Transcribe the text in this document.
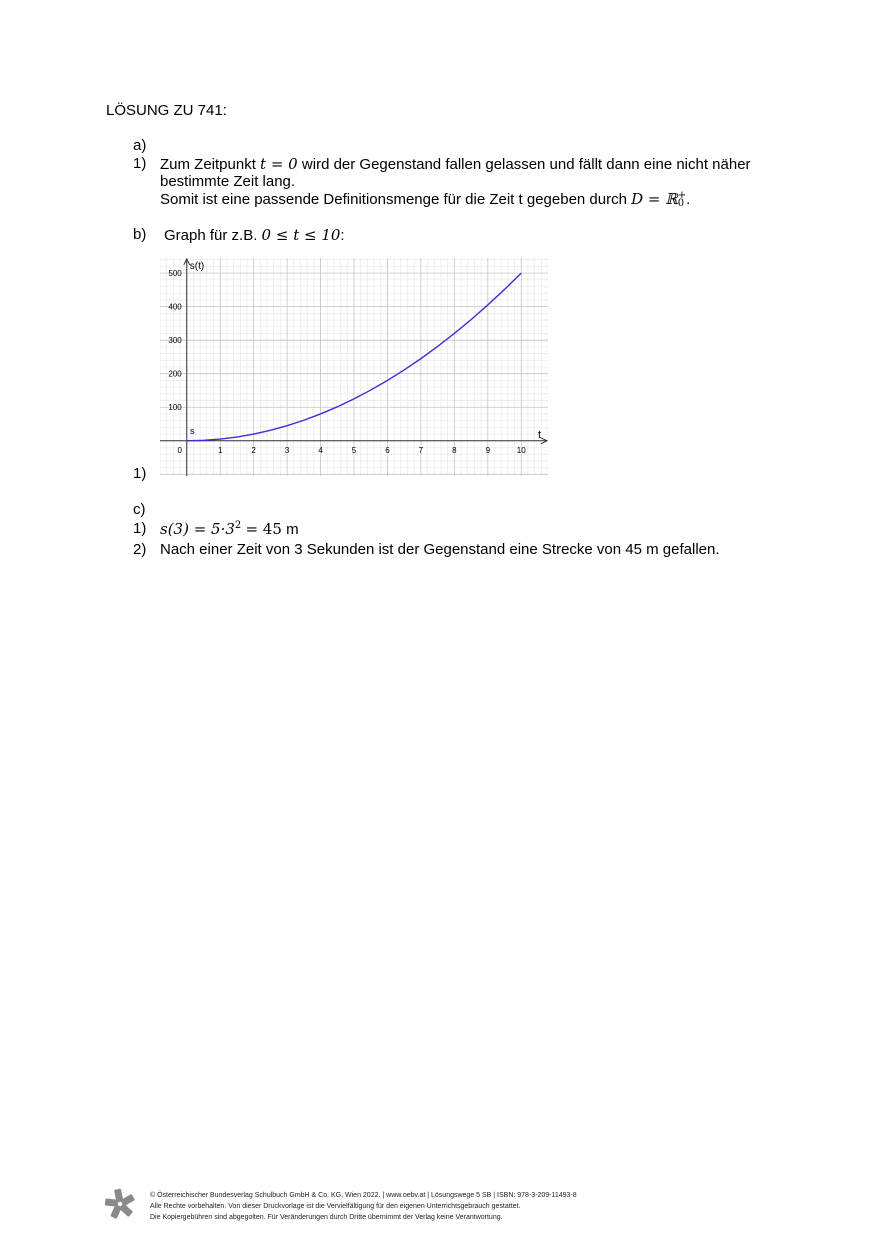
LÖSUNG ZU 741:
a)
1) Zum Zeitpunkt t = 0 wird der Gegenstand fallen gelassen und fällt dann eine nicht näher
bestimmte Zeit lang.
Somit ist eine passende Definitionsmenge für die Zeit t gegeben durch D = ℝ +
0 .
b) Graph für z.B. 0 ≤ t ≤ 10:
0	1	2	3	4	5	6	7	8	9	10
100
200
300
400
500
t
s(t)
s
1)
c)
1) $s(3) = 5\cdot 3^2 = 45$ m
2) Nach einer Zeit von 3 Sekunden ist der Gegenstand eine Strecke von 45 m gefallen.
© Österreichischer Bundesverlag Schulbuch GmbH & Co. KG, Wien 2022. | www.oebv.at | Lösungswege 5 SB | ISBN: 978-3-209-11493-8
Alle Rechte vorbehalten. Von dieser Druckvorlage ist die Vervielfältigung für den eigenen Unterrichtsgebrauch gestattet.
Die Kopiergebühren sind abgegolten. Für Veränderungen durch Dritte übernimmt der Verlag keine Verantwortung.
